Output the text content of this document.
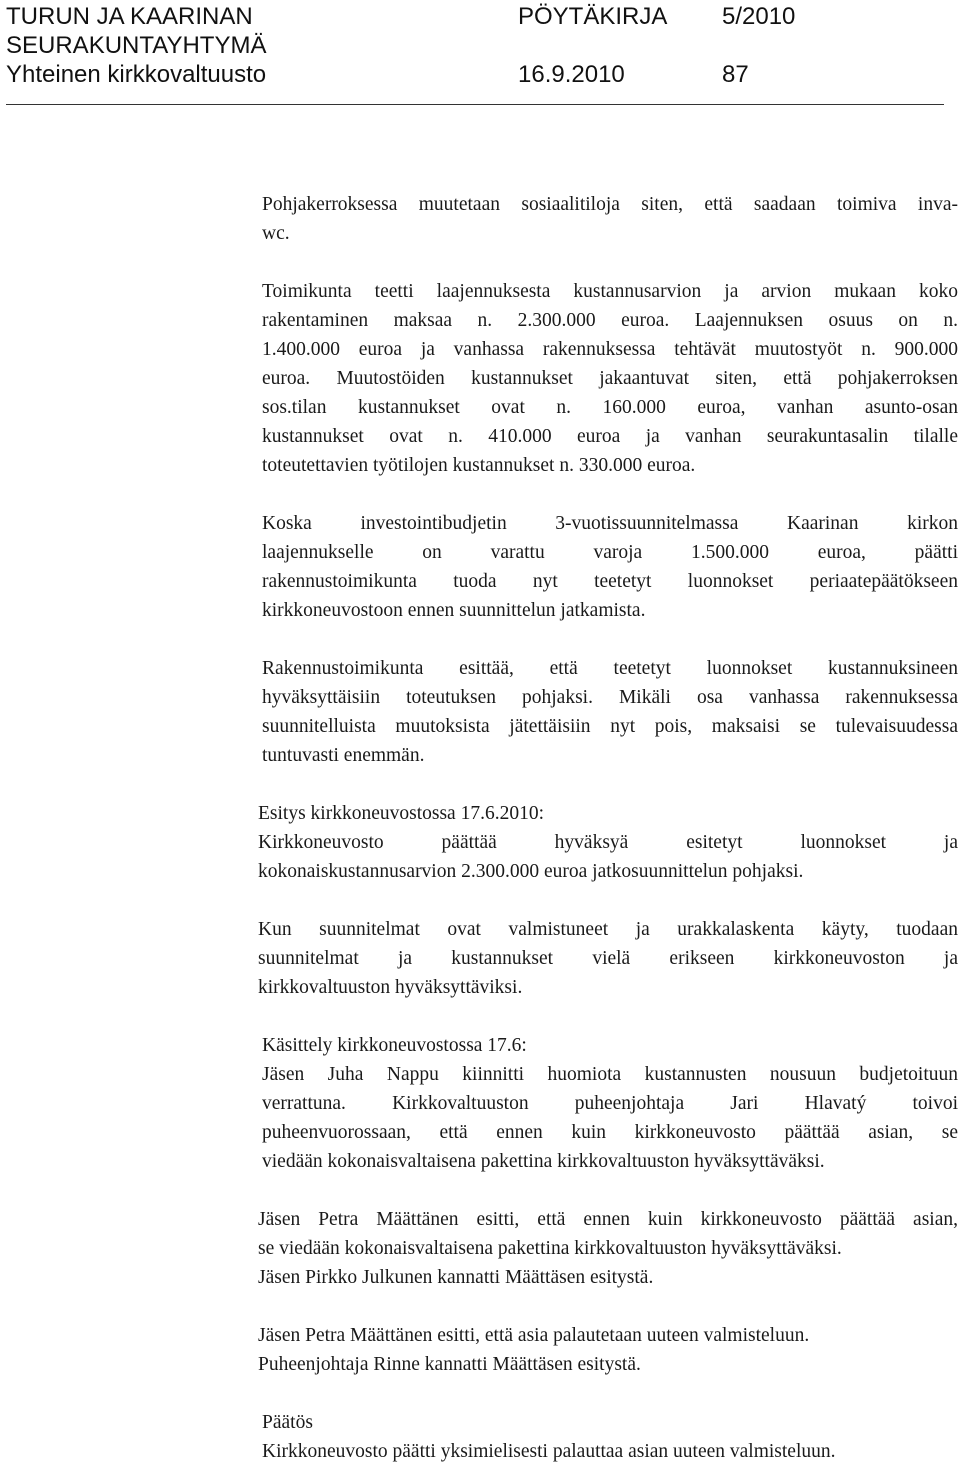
TURUN JA KAARINAN	PÖYTÄKIRJA 5/2010
SEURAKUNTAYHTYMÄ
Yhteinen kirkkovaltuusto	16.9.2010	87
Pohjakerroksessa muutetaan sosiaalitiloja siten, että saadaan toimiva inva-
wc.
Toimikunta teetti laajennuksesta kustannusarvion ja arvion mukaan koko
rakentaminen maksaa n. 2.300.000 euroa. Laajennuksen osuus on n.
1.400.000 euroa ja vanhassa rakennuksessa tehtävät muutostyöt n. 900.000
euroa. Muutostöiden kustannukset jakaantuvat siten, että pohjakerroksen
sos.tilan kustannukset ovat n. 160.000 euroa, vanhan asunto-osan
kustannukset ovat n. 410.000 euroa ja vanhan seurakuntasalin tilalle
toteutettavien työtilojen kustannukset n. 330.000 euroa.
Koska investointibudjetin 3-vuotissuunnitelmassa Kaarinan kirkon
laajennukselle on varattu varoja 1.500.000 euroa, päätti
rakennustoimikunta tuoda nyt teetetyt luonnokset periaatepäätökseen
kirkkoneuvostoon ennen suunnittelun jatkamista.
Rakennustoimikunta esittää, että teetetyt luonnokset kustannuksineen
hyväksyttäisiin toteutuksen pohjaksi. Mikäli osa vanhassa rakennuksessa
suunnitelluista muutoksista jätettäisiin nyt pois, maksaisi se tulevaisuudessa
tuntuvasti enemmän.
Esitys kirkkoneuvostossa 17.6.2010:
Kirkkoneuvosto päättää hyväksyä esitetyt luonnokset ja
kokonaiskustannusarvion 2.300.000 euroa jatkosuunnittelun pohjaksi.
Kun suunnitelmat ovat valmistuneet ja urakkalaskenta käyty, tuodaan
suunnitelmat ja kustannukset vielä erikseen kirkkoneuvoston ja
kirkkovaltuuston hyväksyttäviksi.
Käsittely kirkkoneuvostossa 17.6:
Jäsen Juha Nappu kiinnitti huomiota kustannusten nousuun budjetoituun
verrattuna. Kirkkovaltuuston puheenjohtaja Jari Hlavatý toivoi
puheenvuorossaan, että ennen kuin kirkkoneuvosto päättää asian, se
viedään kokonaisvaltaisena pakettina kirkkovaltuuston hyväksyttäväksi.
Jäsen Petra Määttänen esitti, että ennen kuin kirkkoneuvosto päättää asian,
se viedään kokonaisvaltaisena pakettina kirkkovaltuuston hyväksyttäväksi.
Jäsen Pirkko Julkunen kannatti Määttäsen esitystä.
Jäsen Petra Määttänen esitti, että asia palautetaan uuteen valmisteluun.
Puheenjohtaja Rinne kannatti Määttäsen esitystä.
Päätös
Kirkkoneuvosto päätti yksimielisesti palauttaa asian uuteen valmisteluun.
